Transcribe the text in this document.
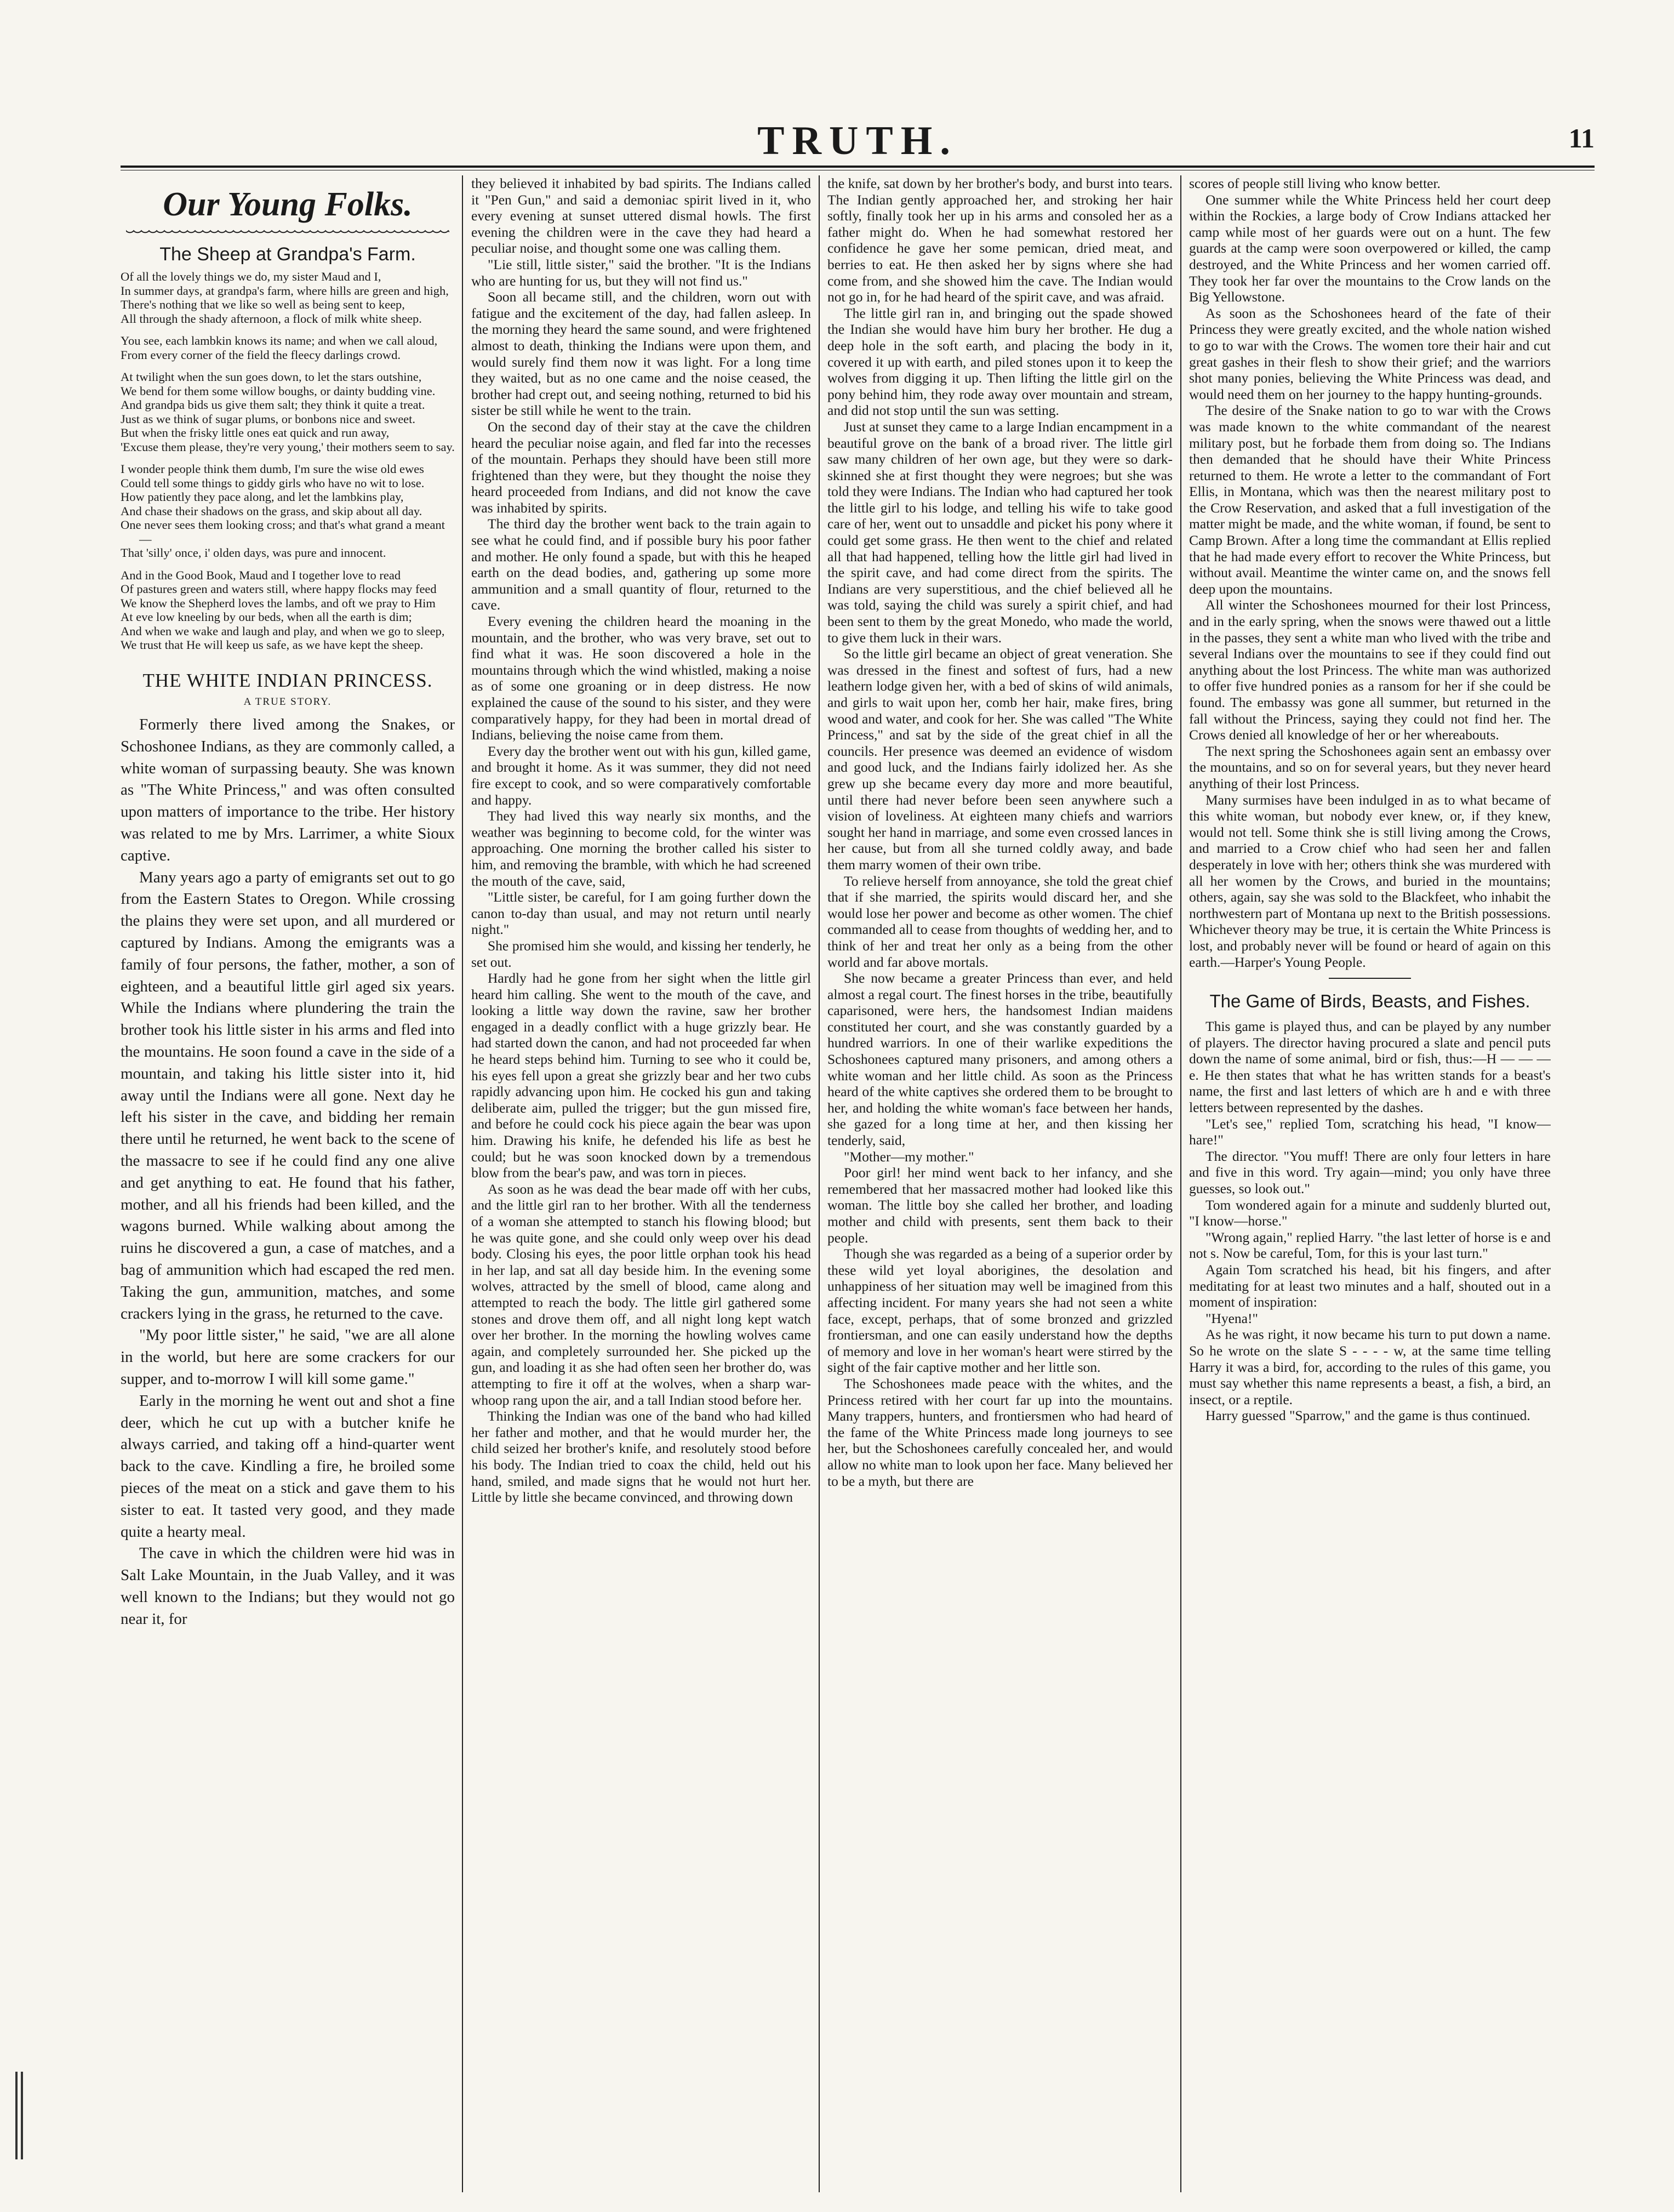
TRUTH.	11
Our Young Folks.
The Sheep at Grandpa's Farm.
Of all the lovely things we do, my sister Maud and I,
In summer days, at grandpa's farm, where hills are green and high,
There's nothing that we like so well as being sent to keep,
All through the shady afternoon, a flock of milk white sheep.
You see, each lambkin knows its name; and when we call aloud,
From every corner of the field the fleecy darlings crowd.
At twilight when the sun goes down, to let the stars outshine,
We bend for them some willow boughs, or dainty budding vine.
And grandpa bids us give them salt; they think it quite a treat.
Just as we think of sugar plums, or bonbons nice and sweet.
But when the frisky little ones eat quick and run away,
'Excuse them please, they're very young,' their mothers seem to say.
I wonder people think them dumb, I'm sure the wise old ewes
Could tell some things to giddy girls who have no wit to lose.
How patiently they pace along, and let the lambkins play,
And chase their shadows on the grass, and skip about all day.
One never sees them looking cross; and that's what grand a meant —
That 'silly' once, i' olden days, was pure and innocent.
And in the Good Book, Maud and I together love to read
Of pastures green and waters still, where happy flocks may feed
We know the Shepherd loves the lambs, and oft we pray to Him
At eve low kneeling by our beds, when all the earth is dim;
And when we wake and laugh and play, and when we go to sleep,
We trust that He will keep us safe, as we have kept the sheep.
THE WHITE INDIAN PRINCESS.
A TRUE STORY.

Formerly there lived among the Snakes, or Schoshonee Indians, as they are commonly called, a white woman of surpassing beauty. She was known as "The White Princess," and was often consulted upon matters of importance to the tribe. Her history was related to me by Mrs. Larrimer, a white Sioux captive.

Many years ago a party of emigrants set out to go from the Eastern States to Oregon. While crossing the plains they were set upon, and all murdered or captured by Indians. Among the emigrants was a family of four persons, the father, mother, a son of eighteen, and a beautiful little girl aged six years. While the Indians where plundering the train the brother took his little sister in his arms and fled into the mountains. He soon found a cave in the side of a mountain, and taking his little sister into it, hid away until the Indians were all gone. Next day he left his sister in the cave, and bidding her remain there until he returned, he went back to the scene of the massacre to see if he could find any one alive and get anything to eat. He found that his father, mother, and all his friends had been killed, and the wagons burned. While walking about among the ruins he discovered a gun, a case of matches, and a bag of ammunition which had escaped the red men. Taking the gun, ammunition, matches, and some crackers lying in the grass, he returned to the cave.

"My poor little sister," he said, "we are all alone in the world, but here are some crackers for our supper, and to-morrow I will kill some game."

Early in the morning he went out and shot a fine deer, which he cut up with a butcher knife he always carried, and taking off a hind-quarter went back to the cave. Kindling a fire, he broiled some pieces of the meat on a stick and gave them to his sister to eat. It tasted very good, and they made quite a hearty meal.

The cave in which the children were hid was in Salt Lake Mountain, in the Juab Valley, and it was well known to the Indians; but they would not go near it, for

they believed it inhabited by bad spirits. The Indians called it "Pen Gun," and said a demoniac spirit lived in it, who every evening at sunset uttered dismal howls. The first evening the children were in the cave they had heard a peculiar noise, and thought some one was calling them.

"Lie still, little sister," said the brother. "It is the Indians who are hunting for us, but they will not find us."

Soon all became still, and the children, worn out with fatigue and the excitement of the day, had fallen asleep. In the morning they heard the same sound, and were frightened almost to death, thinking the Indians were upon them, and would surely find them now it was light. For a long time they waited, but as no one came and the noise ceased, the brother had crept out, and seeing nothing, returned to bid his sister be still while he went to the train.

On the second day of their stay at the cave the children heard the peculiar noise again, and fled far into the recesses of the mountain. Perhaps they should have been still more frightened than they were, but they thought the noise they heard proceeded from Indians, and did not know the cave was inhabited by spirits.

The third day the brother went back to the train again to see what he could find, and if possible bury his poor father and mother. He only found a spade, but with this he heaped earth on the dead bodies, and, gathering up some more ammunition and a small quantity of flour, returned to the cave.

Every evening the children heard the moaning in the mountain, and the brother, who was very brave, set out to find what it was. He soon discovered a hole in the mountains through which the wind whistled, making a noise as of some one groaning or in deep distress. He now explained the cause of the sound to his sister, and they were comparatively happy, for they had been in mortal dread of Indians, believing the noise came from them.

Every day the brother went out with his gun, killed game, and brought it home. As it was summer, they did not need fire except to cook, and so were comparatively comfortable and happy.

They had lived this way nearly six months, and the weather was beginning to become cold, for the winter was approaching. One morning the brother called his sister to him, and removing the bramble, with which he had screened the mouth of the cave, said,

"Little sister, be careful, for I am going further down the canon to-day than usual, and may not return until nearly night."

She promised him she would, and kissing her tenderly, he set out.

Hardly had he gone from her sight when the little girl heard him calling. She went to the mouth of the cave, and looking a little way down the ravine, saw her brother engaged in a deadly conflict with a huge grizzly bear. He had started down the canon, and had not proceeded far when he heard steps behind him. Turning to see who it could be, his eyes fell upon a great she grizzly bear and her two cubs rapidly advancing upon him. He cocked his gun and taking deliberate aim, pulled the trigger; but the gun missed fire, and before he could cock his piece again the bear was upon him. Drawing his knife, he defended his life as best he could; but he was soon knocked down by a tremendous blow from the bear's paw, and was torn in pieces.

As soon as he was dead the bear made off with her cubs, and the little girl ran to her brother. With all the tenderness of a woman she attempted to stanch his flowing blood; but he was quite gone, and she could only weep over his dead body. Closing his eyes, the poor little orphan took his head in her lap, and sat all day beside him. In the evening some wolves, attracted by the smell of blood, came along and attempted to reach the body. The little girl gathered some stones and drove them off, and all night long kept watch over her brother. In the morning the howling wolves came again, and completely surrounded her. She picked up the gun, and loading it as she had often seen her brother do, was attempting to fire it off at the wolves, when a sharp war-whoop rang upon the air, and a tall Indian stood before her.

Thinking the Indian was one of the band who had killed her father and mother, and that he would murder her, the child seized her brother's knife, and resolutely stood before his body. The Indian tried to coax the child, held out his hand, smiled, and made signs that he would not hurt her. Little by little she became convinced, and throwing down

the knife, sat down by her brother's body, and burst into tears. The Indian gently approached her, and stroking her hair softly, finally took her up in his arms and consoled her as a father might do. When he had somewhat restored her confidence he gave her some pemican, dried meat, and berries to eat. He then asked her by signs where she had come from, and she showed him the cave. The Indian would not go in, for he had heard of the spirit cave, and was afraid.

The little girl ran in, and bringing out the spade showed the Indian she would have him bury her brother. He dug a deep hole in the soft earth, and placing the body in it, covered it up with earth, and piled stones upon it to keep the wolves from digging it up. Then lifting the little girl on the pony behind him, they rode away over mountain and stream, and did not stop until the sun was setting.

Just at sunset they came to a large Indian encampment in a beautiful grove on the bank of a broad river. The little girl saw many children of her own age, but they were so dark-skinned she at first thought they were negroes; but she was told they were Indians. The Indian who had captured her took the little girl to his lodge, and telling his wife to take good care of her, went out to unsaddle and picket his pony where it could get some grass. He then went to the chief and related all that had happened, telling how the little girl had lived in the spirit cave, and had come direct from the spirits. The Indians are very superstitious, and the chief believed all he was told, saying the child was surely a spirit chief, and had been sent to them by the great Monedo, who made the world, to give them luck in their wars.

So the little girl became an object of great veneration. She was dressed in the finest and softest of furs, had a new leathern lodge given her, with a bed of skins of wild animals, and girls to wait upon her, comb her hair, make fires, bring wood and water, and cook for her. She was called "The White Princess," and sat by the side of the great chief in all the councils. Her presence was deemed an evidence of wisdom and good luck, and the Indians fairly idolized her. As she grew up she became every day more and more beautiful, until there had never before been seen anywhere such a vision of loveliness. At eighteen many chiefs and warriors sought her hand in marriage, and some even crossed lances in her cause, but from all she turned coldly away, and bade them marry women of their own tribe.

To relieve herself from annoyance, she told the great chief that if she married, the spirits would discard her, and she would lose her power and become as other women. The chief commanded all to cease from thoughts of wedding her, and to think of her and treat her only as a being from the other world and far above mortals.

She now became a greater Princess than ever, and held almost a regal court. The finest horses in the tribe, beautifully caparisoned, were hers, the handsomest Indian maidens constituted her court, and she was constantly guarded by a hundred warriors. In one of their warlike expeditions the Schoshonees captured many prisoners, and among others a white woman and her little child. As soon as the Princess heard of the white captives she ordered them to be brought to her, and holding the white woman's face between her hands, she gazed for a long time at her, and then kissing her tenderly, said,

"Mother—my mother."

Poor girl! her mind went back to her infancy, and she remembered that her massacred mother had looked like this woman. The little boy she called her brother, and loading mother and child with presents, sent them back to their people.

Though she was regarded as a being of a superior order by these wild yet loyal aborigines, the desolation and unhappiness of her situation may well be imagined from this affecting incident. For many years she had not seen a white face, except, perhaps, that of some bronzed and grizzled frontiersman, and one can easily understand how the depths of memory and love in her woman's heart were stirred by the sight of the fair captive mother and her little son.

The Schoshonees made peace with the whites, and the Princess retired with her court far up into the mountains. Many trappers, hunters, and frontiersmen who had heard of the fame of the White Princess made long journeys to see her, but the Schoshonees carefully concealed her, and would allow no white man to look upon her face. Many believed her to be a myth, but there are

scores of people still living who know better.

One summer while the White Princess held her court deep within the Rockies, a large body of Crow Indians attacked her camp while most of her guards were out on a hunt. The few guards at the camp were soon overpowered or killed, the camp destroyed, and the White Princess and her women carried off. They took her far over the mountains to the Crow lands on the Big Yellowstone.

As soon as the Schoshonees heard of the fate of their Princess they were greatly excited, and the whole nation wished to go to war with the Crows. The women tore their hair and cut great gashes in their flesh to show their grief; and the warriors shot many ponies, believing the White Princess was dead, and would need them on her journey to the happy hunting-grounds.

The desire of the Snake nation to go to war with the Crows was made known to the white commandant of the nearest military post, but he forbade them from doing so. The Indians then demanded that he should have their White Princess returned to them. He wrote a letter to the commandant of Fort Ellis, in Montana, which was then the nearest military post to the Crow Reservation, and asked that a full investigation of the matter might be made, and the white woman, if found, be sent to Camp Brown. After a long time the commandant at Ellis replied that he had made every effort to recover the White Princess, but without avail. Meantime the winter came on, and the snows fell deep upon the mountains.

All winter the Schoshonees mourned for their lost Princess, and in the early spring, when the snows were thawed out a little in the passes, they sent a white man who lived with the tribe and several Indians over the mountains to see if they could find out anything about the lost Princess. The white man was authorized to offer five hundred ponies as a ransom for her if she could be found. The embassy was gone all summer, but returned in the fall without the Princess, saying they could not find her. The Crows denied all knowledge of her or her whereabouts.

The next spring the Schoshonees again sent an embassy over the mountains, and so on for several years, but they never heard anything of their lost Princess.

Many surmises have been indulged in as to what became of this white woman, but nobody ever knew, or, if they knew, would not tell. Some think she is still living among the Crows, and married to a Crow chief who had seen her and fallen desperately in love with her; others think she was murdered with all her women by the Crows, and buried in the mountains; others, again, say she was sold to the Blackfeet, who inhabit the northwestern part of Montana up next to the British possessions. Whichever theory may be true, it is certain the White Princess is lost, and probably never will be found or heard of again on this earth.—Harper's Young People.

The Game of Birds, Beasts, and Fishes.

This game is played thus, and can be played by any number of players. The director having procured a slate and pencil puts down the name of some animal, bird or fish, thus:—H — — — e. He then states that what he has written stands for a beast's name, the first and last letters of which are h and e with three letters between represented by the dashes.

"Let's see," replied Tom, scratching his head, "I know—hare!"

The director. "You muff! There are only four letters in hare and five in this word. Try again—mind; you only have three guesses, so look out."

Tom wondered again for a minute and suddenly blurted out, "I know—horse."

"Wrong again," replied Harry. "the last letter of horse is e and not s. Now be careful, Tom, for this is your last turn."

Again Tom scratched his head, bit his fingers, and after meditating for at least two minutes and a half, shouted out in a moment of inspiration:

"Hyena!"

As he was right, it now became his turn to put down a name. So he wrote on the slate S - - - - w, at the same time telling Harry it was a bird, for, according to the rules of this game, you must say whether this name represents a beast, a fish, a bird, an insect, or a reptile.

Harry guessed "Sparrow," and the game is thus continued.
